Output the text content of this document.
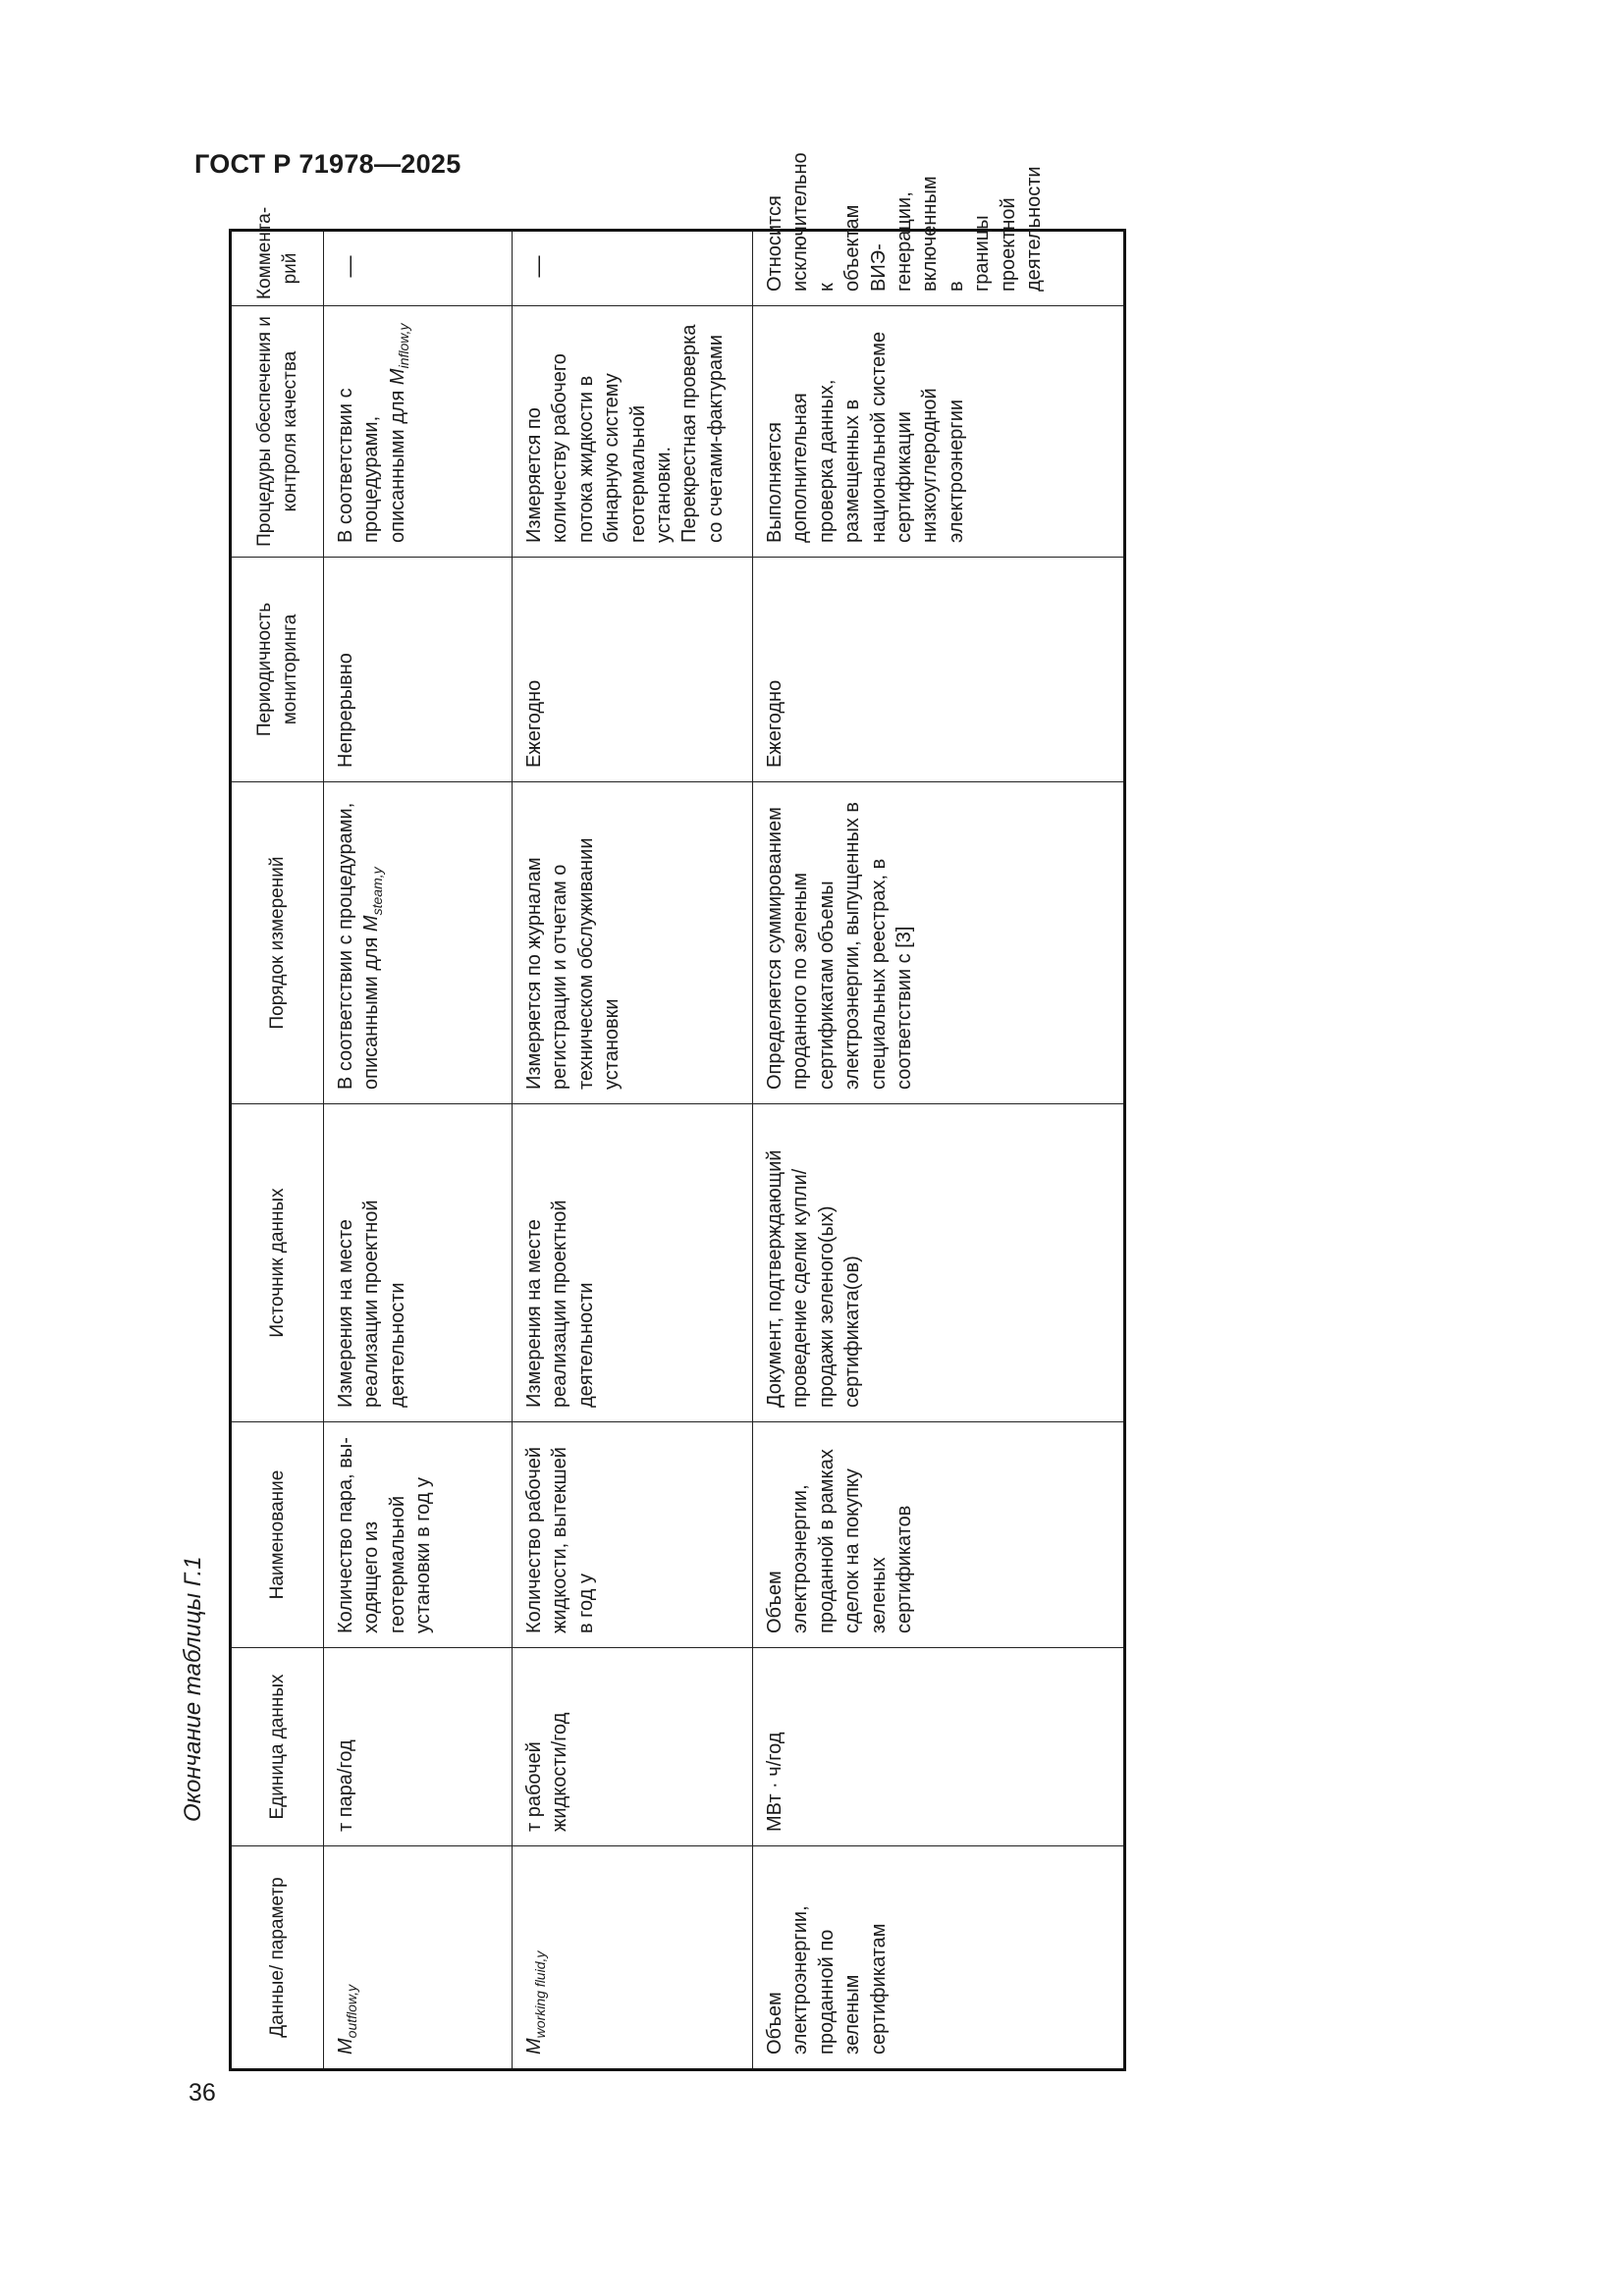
ГОСТ Р 71978—2025
Окончание таблицы Г.1
Данные/ параметр	Единица данных	Наименование	Источник данных	Порядок измерений	Периодичность мониторинга	Процедуры обеспечения и контроля качества	Коммента-рий
$M_{outflow,y}$	т пара/год	Количество пара, вы-ходящего из геотермальной установки в год y	Измерения на месте реализации проектной деятельности	В соответствии с процедурами, описанными для $M_{steam,y}$	Непрерывно	В соответствии с процедурами, описанными для $M_{inflow,y}$	—

$M_{working fluid,y}$	т рабочей жидкости/год	Количество рабочей жидкости, вытекшей в год y	Измерения на месте реализации проектной деятельности	Измеряется по журналам регистрации и отчетам о техническом обслуживании установки	Ежегодно	Измеряется по количеству рабочего потока жидкости в бинарную систему геотермальной установки. Перекрестная проверка со счетами-фактурами	—

Объем электроэнергии, проданной по зеленым сертификатам	МВт · ч/год	Объем электроэнергии, проданной в рамках сделок на покупку зеленых сертификатов	Документ, подтверждающий проведение сделки купли/продажи зеленого(ых) сертификата(ов)	Определяется суммированием проданного по зеленым сертификатам объемы электроэнергии, выпущенных в специальных реестрах, в соответствии с [3]	Ежегодно	Выполняется дополнительная проверка данных, размещенных в национальной системе сертификации низкоуглеродной электроэнергии	Относится исключительно к объектам ВИЭ-генерации, включенным в границы проектной деятельности
36
